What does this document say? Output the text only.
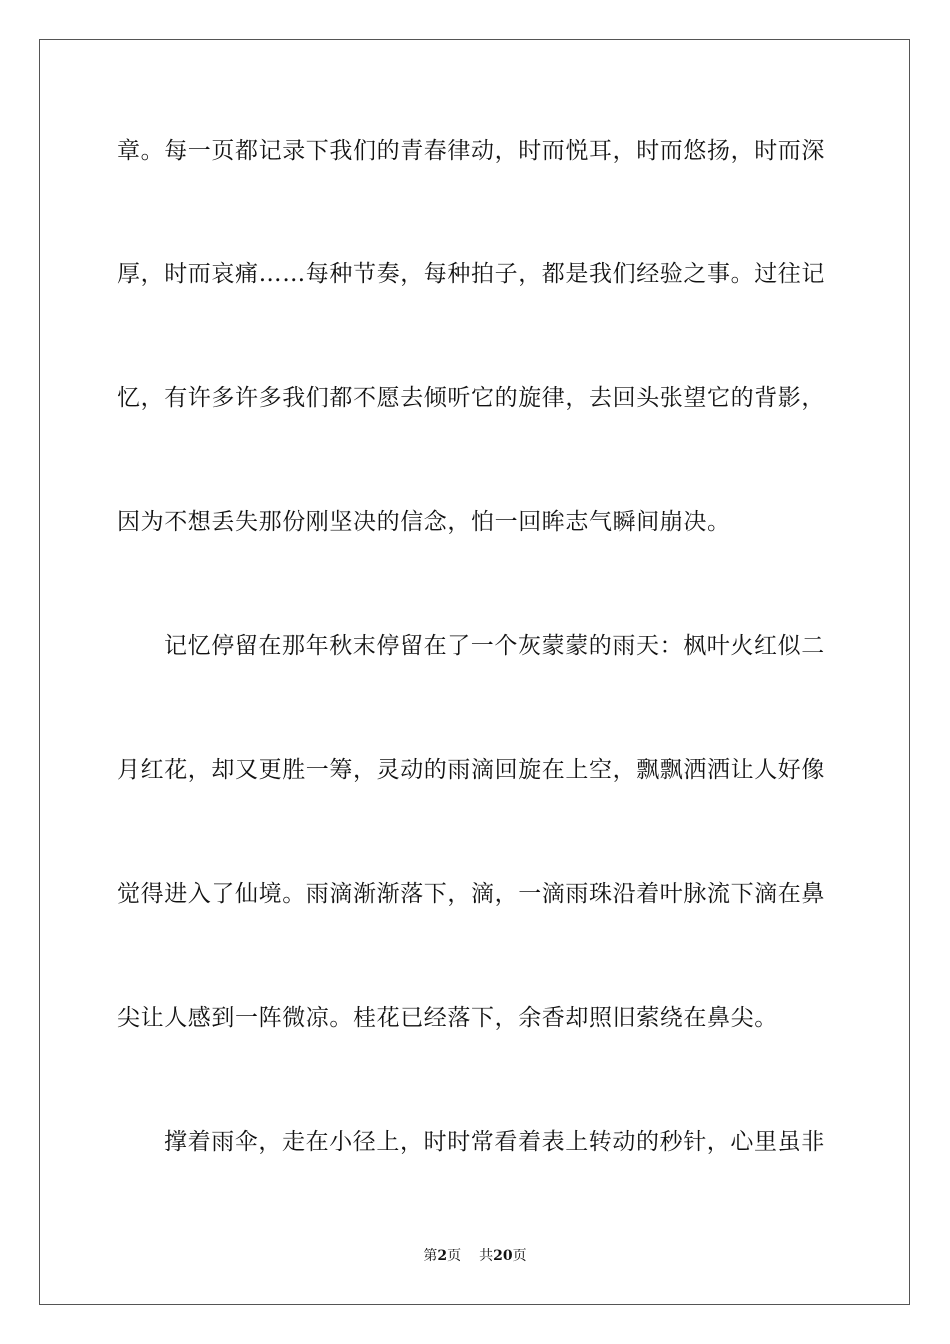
章。每一页都记录下我们的青春律动，时而悦耳，时而悠扬，时而深
厚，时而哀痛……每种节奏，每种拍子，都是我们经验之事。过往记
忆，有许多许多我们都不愿去倾听它的旋律，去回头张望它的背影，
因为不想丢失那份刚坚决的信念，怕一回眸志气瞬间崩决。
记忆停留在那年秋末停留在了一个灰蒙蒙的雨天：枫叶火红似二
月红花，却又更胜一筹，灵动的雨滴回旋在上空，飘飘洒洒让人好像
觉得进入了仙境。雨滴渐渐落下，滴，一滴雨珠沿着叶脉流下滴在鼻
尖让人感到一阵微凉。桂花已经落下，余香却照旧萦绕在鼻尖。
撑着雨伞，走在小径上，时时常看着表上转动的秒针，心里虽非
第2页 共20页
